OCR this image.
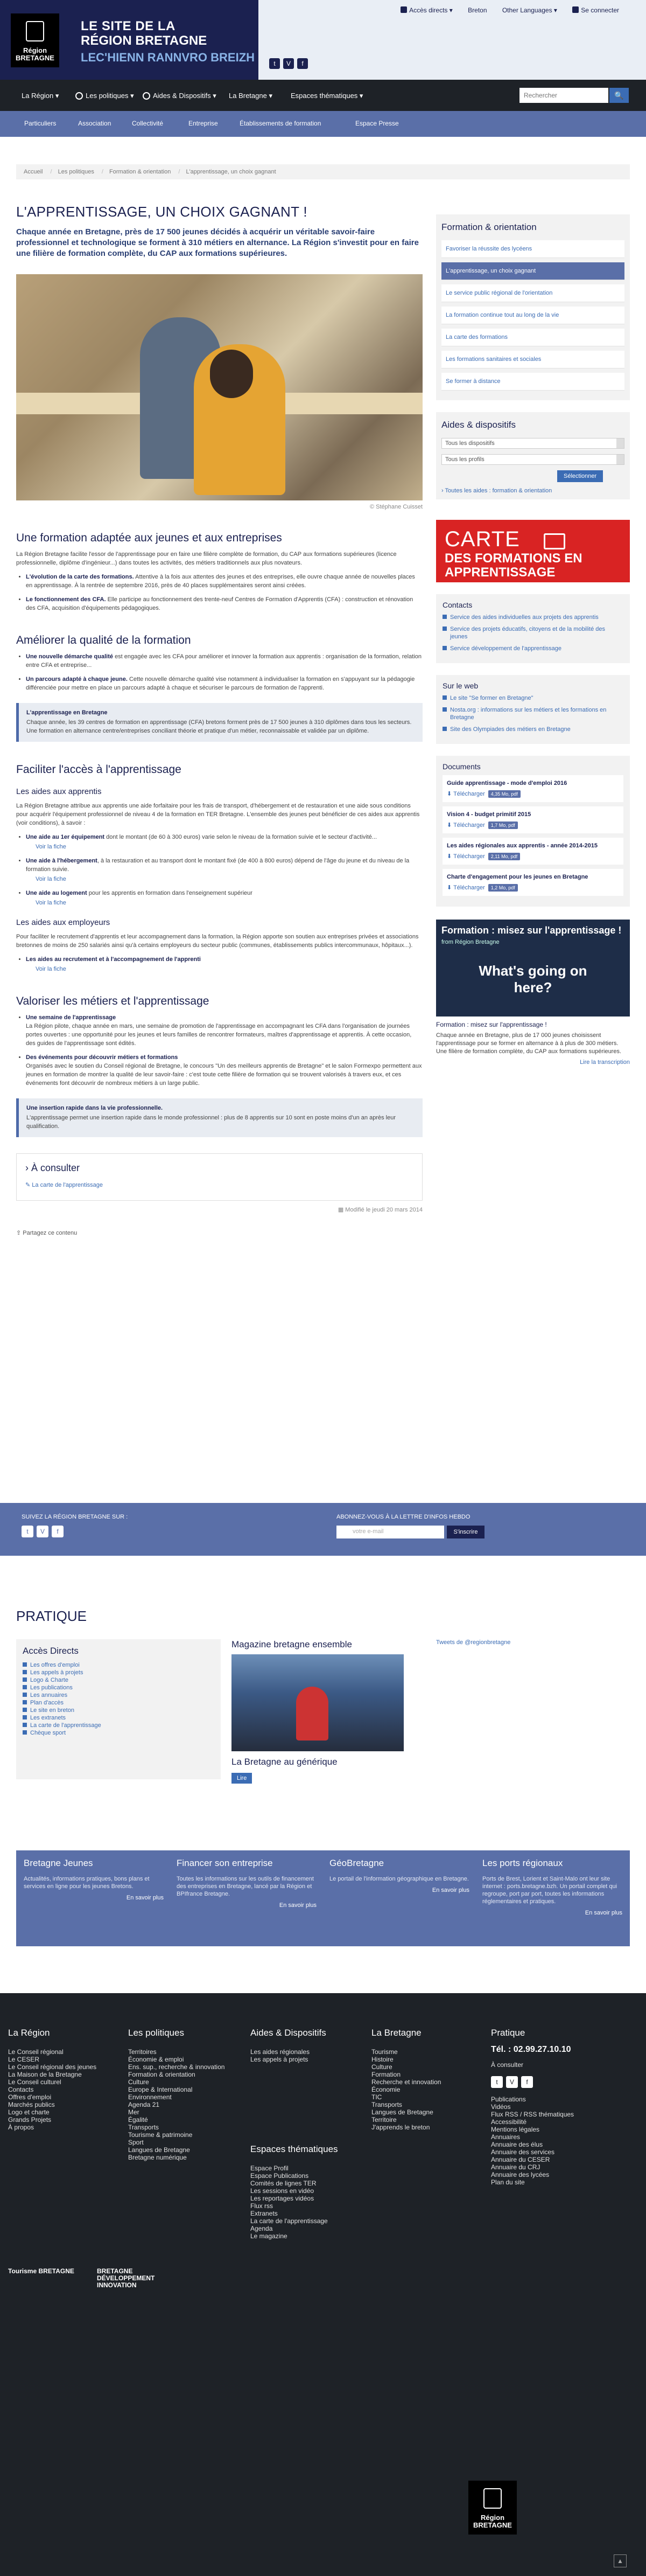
Région
BRETAGNE
LE SITE DE LA
RÉGION BRETAGNE
LEC'HIENN RANNVRO BREIZH	t V f
Accès directs ▾ Breton Other Languages ▾	Se connecter
La Région ▾	Les politiques ▾	Aides & Dispositifs ▾ La Bretagne ▾	Espaces thématiques ▾
Rechercher	🔍
Particuliers	Association	Collectivité	Entreprise	Établissements de formation	Espace Presse
Accueil / Les politiques / Formation & orientation / L'apprentissage, un choix gagnant
L'APPRENTISSAGE, UN CHOIX GAGNANT !
Chaque année en Bretagne, près de 17 500 jeunes décidés à acquérir un véritable savoir-faire professionnel et technologique se forment à 310 métiers en alternance. La Région s'investit pour en faire une filière de formation complète, du CAP aux formations supérieures.
© Stéphane Cuisset
Une formation adaptée aux jeunes et aux entreprises

La Région Bretagne facilite l'essor de l'apprentissage pour en faire une filière complète de formation, du CAP aux formations supérieures (licence professionnelle, diplôme d'ingénieur...) dans toutes les activités, des métiers traditionnels aux plus novateurs.

• L'évolution de la carte des formations. Attentive à la fois aux attentes des jeunes et des entreprises, elle ouvre chaque année de nouvelles places en apprentissage. À la rentrée de septembre 2016, près de 40 places supplémentaires seront ainsi créées.
• Le fonctionnement des CFA. Elle participe au fonctionnement des trente-neuf Centres de Formation d'Apprentis (CFA) : construction et rénovation des CFA, acquisition d'équipements pédagogiques.
Améliorer la qualité de la formation
• Une nouvelle démarche qualité est engagée avec les CFA pour améliorer et innover la formation aux apprentis : organisation de la formation, relation entre CFA et entreprise...
• Un parcours adapté à chaque jeune. Cette nouvelle démarche qualité vise notamment à individualiser la formation en s'appuyant sur la pédagogie différenciée pour mettre en place un parcours adapté à chaque et sécuriser le parcours de formation de l'apprenti.
L'apprentissage en Bretagne

Chaque année, les 39 centres de formation en apprentissage (CFA) bretons forment près de 17 500 jeunes à 310 diplômes dans tous les secteurs. Une formation en alternance centre/entreprises conciliant théorie et pratique d'un métier, reconnaissable et validée par un diplôme.

Faciliter l'accès à l'apprentissage
Les aides aux apprentis

La Région Bretagne attribue aux apprentis une aide forfaitaire pour les frais de transport, d'hébergement et de restauration et une aide sous conditions pour acquérir l'équipement professionnel de niveau 4 de la formation en TER Bretagne. L'ensemble des jeunes peut bénéficier de ces aides aux apprentis (voir conditions), à savoir :

• Une aide au 1er équipement dont le montant (de 60 à 300 euros) varie selon le niveau de la formation suivie et le secteur d'activité...
Voir la fiche
• Une aide à l'hébergement, à la restauration et au transport dont le montant fixé (de 400 à 800 euros) dépend de l'âge du jeune et du niveau de la formation suivie.
Voir la fiche
• Une aide au logement pour les apprentis en formation dans l'enseignement supérieur
Voir la fiche
Les aides aux employeurs

Pour faciliter le recrutement d'apprentis et leur accompagnement dans la formation, la Région apporte son soutien aux entreprises privées et associations bretonnes de moins de 250 salariés ainsi qu'à certains employeurs du secteur public (communes, établissements publics intercommunaux, hôpitaux...).

• Les aides au recrutement et à l'accompagnement de l'apprenti
Voir la fiche
Valoriser les métiers et l'apprentissage
• Une semaine de l'apprentissage
La Région pilote, chaque année en mars, une semaine de promotion de l'apprentissage en accompagnant les CFA dans l'organisation de journées portes ouvertes : une opportunité pour les jeunes et leurs familles de rencontrer formateurs, maîtres d'apprentissage et apprentis. À cette occasion, des guides de l'apprentissage sont édités.
• Des événements pour découvrir métiers et formations
Organisés avec le soutien du Conseil régional de Bretagne, le concours "Un des meilleurs apprentis de Bretagne" et le salon Formexpo permettent aux jeunes en formation de montrer la qualité de leur savoir-faire : c'est toute cette filière de formation qui se trouvent valorisés à travers eux, et ces événements font découvrir de nombreux métiers à un large public.
Une insertion rapide dans la vie professionnelle.

L'apprentissage permet une insertion rapide dans le monde professionnel : plus de 8 apprentis sur 10 sont en poste moins d'un an après leur qualification.

› À consulter
✎ La carte de l'apprentissage
▦ Modifié le jeudi 20 mars 2014
⇪ Partagez ce contenu
Formation & orientation
Favoriser la réussite des lycéens
L'apprentissage, un choix gagnant
Le service public régional de l'orientation
La formation continue tout au long de la vie
La carte des formations
Les formations sanitaires et sociales
Se former à distance
Aides & dispositifs
Tous les dispositifs
Tous les profils
Sélectionner
› Toutes les aides : formation & orientation
CARTE
DES FORMATIONS EN APPRENTISSAGE
Contacts
Service des aides individuelles aux projets des apprentis
Service des projets éducatifs, citoyens et de la mobilité des jeunes
Service développement de l'apprentissage
Sur le web
Le site "Se former en Bretagne"
Nosta.org : informations sur les métiers et les formations en Bretagne
Site des Olympiades des métiers en Bretagne
Documents
Guide apprentissage - mode d'emploi 2016
⬇ Télécharger 4,35 Mo, pdf
Vision 4 - budget primitif 2015
⬇ Télécharger 1,7 Mo, pdf
Les aides régionales aux apprentis - année 2014-2015
⬇ Télécharger 2,11 Mo, pdf
Charte d'engagement pour les jeunes en Bretagne
⬇ Télécharger 1,2 Mo, pdf
Formation : misez sur l'apprentissage !
from Région Bretagne
What's going on here?
Formation : misez sur l'apprentissage !
Chaque année en Bretagne, plus de 17 000 jeunes choisissent l'apprentissage pour se former en alternance à à plus de 300 métiers. Une filière de formation complète, du CAP aux formations supérieures.
Lire la transcription
SUIVEZ LA RÉGION BRETAGNE SUR :
t	V	f
ABONNEZ-VOUS À LA LETTRE D'INFOS HEBDO
votre e-mail	S'inscrire
PRATIQUE
Accès Directs
Les offres d'emploi
Les appels à projets
Logo & Charte
Les publications
Les annuaires
Plan d'accès
Le site en breton
Les extranets
La carte de l'apprentissage
Chèque sport
Magazine bretagne ensemble
La Bretagne au générique
Lire
Tweets de @regionbretagne
Bretagne Jeunes
Actualités, informations pratiques, bons plans et services en ligne pour les jeunes Bretons.
En savoir plus
Financer son entreprise
Toutes les informations sur les outils de financement des entreprises en Bretagne, lancé par la Région et BPIfrance Bretagne.
En savoir plus
GéoBretagne
Le portail de l'information géographique en Bretagne.
En savoir plus
Les ports régionaux
Ports de Brest, Lorient et Saint-Malo ont leur site internet : ports.bretagne.bzh. Un portail complet qui regroupe, port par port, toutes les informations réglementaires et pratiques.
En savoir plus
La Région
Le Conseil régional
Le CESER
Le Conseil régional des jeunes
La Maison de la Bretagne
Le Conseil culturel
Contacts
Offres d'emploi
Marchés publics
Logo et charte
Grands Projets
À propos
Les politiques
Territoires
Économie & emploi
Ens. sup., recherche & innovation
Formation & orientation
Culture
Europe & International
Environnement
Agenda 21
Mer
Égalité
Transports
Tourisme & patrimoine
Sport
Langues de Bretagne
Bretagne numérique
Aides & Dispositifs
Les aides régionales
Les appels à projets
Espaces thématiques
Espace Profil
Espace Publications
Comités de lignes TER
Les sessions en vidéo
Les reportages vidéos
Flux rss
Extranets
La carte de l'apprentissage
Agenda
Le magazine
La Bretagne
Tourisme
Histoire
Culture
Formation
Recherche et innovation
Économie
TIC
Transports
Langues de Bretagne
Territoire
J'apprends le breton
Pratique
Tél. : 02.99.27.10.10
À consulter
t V f
Publications
Vidéos
Flux RSS / RSS thématiques
Accessibilité
Mentions légales
Annuaires
Annuaire des élus
Annuaire des services
Annuaire du CESER
Annuaire du CRJ
Annuaire des lycées
Plan du site
Tourisme BRETAGNE	BRETAGNE DÉVELOPPEMENT INNOVATION
Région
BRETAGNE
▲
